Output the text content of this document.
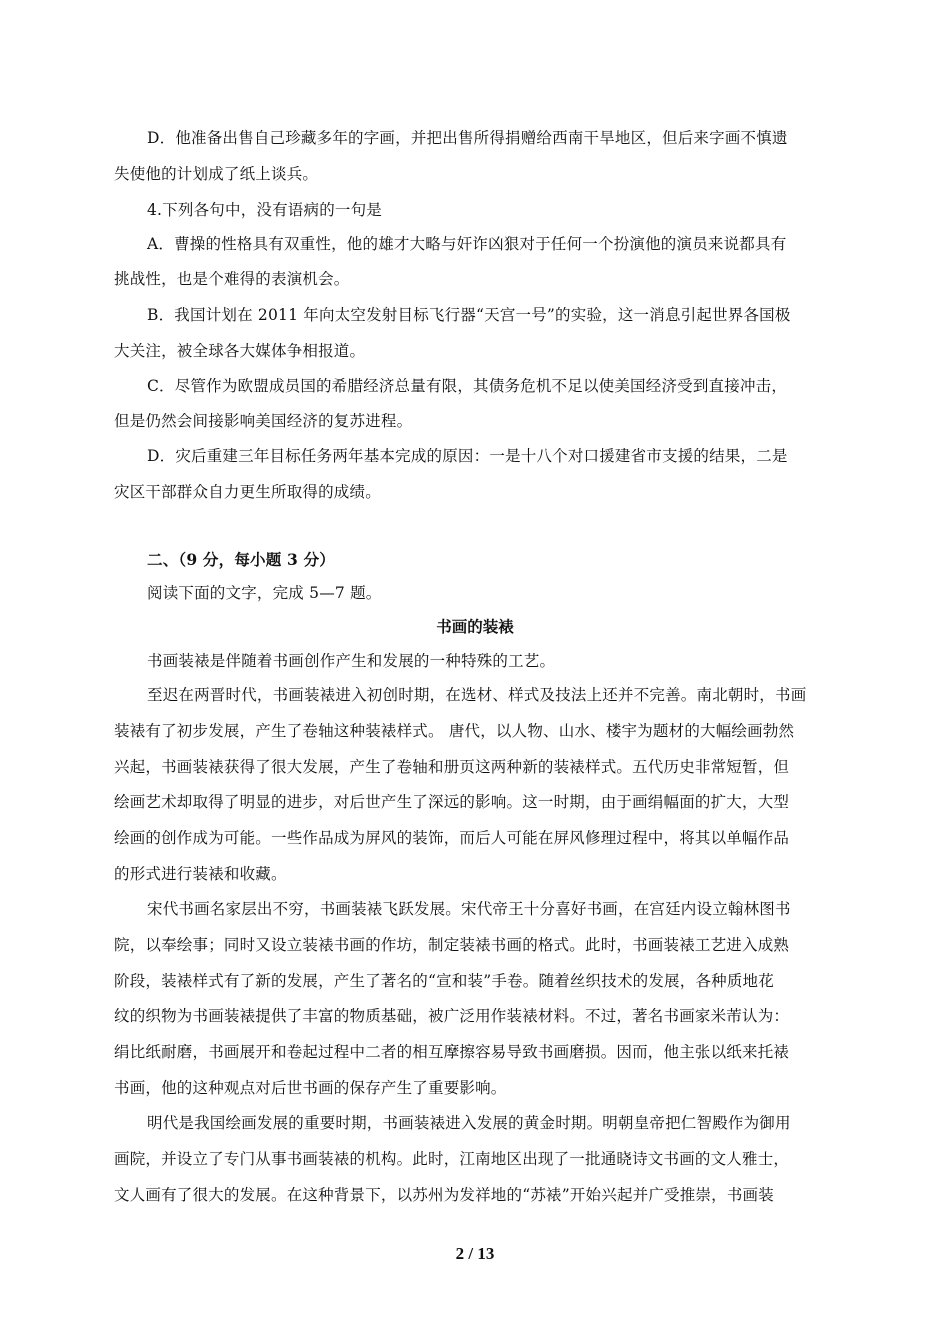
D．他准备出售自己珍藏多年的字画，并把出售所得捐赠给西南干旱地区，但后来字画不慎遗
失使他的计划成了纸上谈兵。
4.下列各句中，没有语病的一句是
A．曹操的性格具有双重性，他的雄才大略与奸诈凶狠对于任何一个扮演他的演员来说都具有
挑战性，也是个难得的表演机会。
B．我国计划在 2011 年向太空发射目标飞行器“天宫一号”的实验，这一消息引起世界各国极
大关注，被全球各大媒体争相报道。
C．尽管作为欧盟成员国的希腊经济总量有限，其债务危机不足以使美国经济受到直接冲击，
但是仍然会间接影响美国经济的复苏进程。
D．灾后重建三年目标任务两年基本完成的原因：一是十八个对口援建省市支援的结果，二是
灾区干部群众自力更生所取得的成绩。
二、（9 分，每小题 3 分）
阅读下面的文字，完成 5—7 题。
书画的装裱
书画装裱是伴随着书画创作产生和发展的一种特殊的工艺。
至迟在两晋时代，书画装裱进入初创时期，在选材、样式及技法上还并不完善。南北朝时，书画
装裱有了初步发展，产生了卷轴这种装裱样式。 唐代，以人物、山水、楼宇为题材的大幅绘画勃然
兴起，书画装裱获得了很大发展，产生了卷轴和册页这两种新的装裱样式。五代历史非常短暂，但
绘画艺术却取得了明显的进步，对后世产生了深远的影响。这一时期，由于画绢幅面的扩大，大型
绘画的创作成为可能。一些作品成为屏风的装饰，而后人可能在屏风修理过程中，将其以单幅作品
的形式进行装裱和收藏。
宋代书画名家层出不穷，书画装裱飞跃发展。宋代帝王十分喜好书画，在宫廷内设立翰林图书
院，以奉绘事；同时又设立装裱书画的作坊，制定装裱书画的格式。此时，书画装裱工艺进入成熟
阶段，装裱样式有了新的发展，产生了著名的“宣和装”手卷。随着丝织技术的发展，各种质地花
纹的织物为书画装裱提供了丰富的物质基础，被广泛用作装裱材料。不过，著名书画家米芾认为：
绢比纸耐磨，书画展开和卷起过程中二者的相互摩擦容易导致书画磨损。因而，他主张以纸来托裱
书画，他的这种观点对后世书画的保存产生了重要影响。
明代是我国绘画发展的重要时期，书画装裱进入发展的黄金时期。明朝皇帝把仁智殿作为御用
画院，并设立了专门从事书画装裱的机构。此时，江南地区出现了一批通晓诗文书画的文人雅士，
文人画有了很大的发展。在这种背景下，以苏州为发祥地的“苏裱”开始兴起并广受推崇，书画装
2 / 13
